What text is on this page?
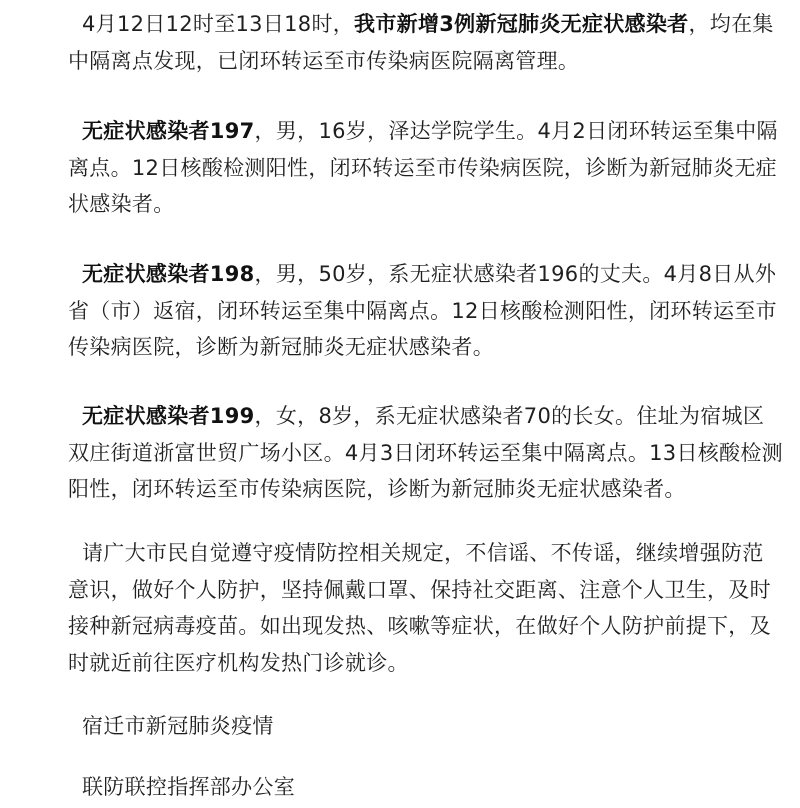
4月12日12时至13日18时，我市新增3例新冠肺炎无症状感染者，均在集中隔离点发现，已闭环转运至市传染病医院隔离管理。

无症状感染者197，男，16岁，泽达学院学生。4月2日闭环转运至集中隔离点。12日核酸检测阳性，闭环转运至市传染病医院，诊断为新冠肺炎无症状感染者。

无症状感染者198，男，50岁，系无症状感染者196的丈夫。4月8日从外省（市）返宿，闭环转运至集中隔离点。12日核酸检测阳性，闭环转运至市传染病医院，诊断为新冠肺炎无症状感染者。

无症状感染者199，女，8岁，系无症状感染者70的长女。住址为宿城区双庄街道浙富世贸广场小区。4月3日闭环转运至集中隔离点。13日核酸检测阳性，闭环转运至市传染病医院，诊断为新冠肺炎无症状感染者。

请广大市民自觉遵守疫情防控相关规定，不信谣、不传谣，继续增强防范意识，做好个人防护，坚持佩戴口罩、保持社交距离、注意个人卫生，及时接种新冠病毒疫苗。如出现发热、咳嗽等症状，在做好个人防护前提下，及时就近前往医疗机构发热门诊就诊。

宿迁市新冠肺炎疫情

联防联控指挥部办公室
